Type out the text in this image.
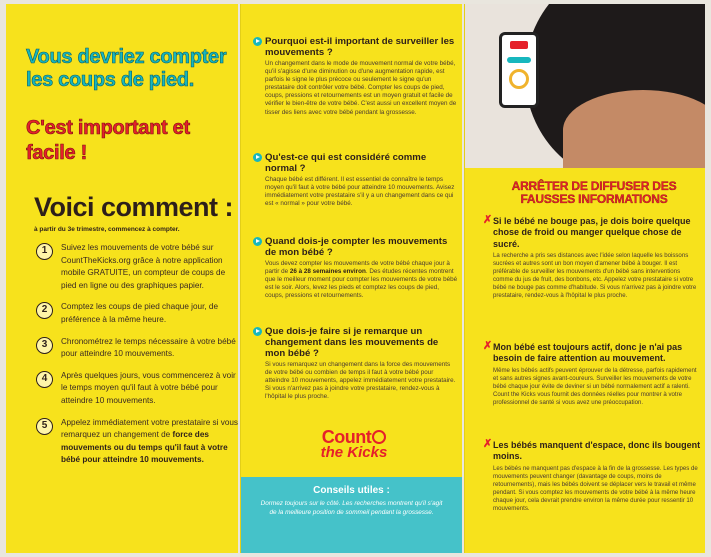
Vous devriez compter les coups de pied.
C'est important et facile !
Voici comment :
à partir du 3e trimestre, commencez à compter.
1	Suivez les mouvements de votre bébé sur CountTheKicks.org grâce à notre application mobile GRATUITE, un compteur de coups de pied en ligne ou des graphiques papier.
2	Comptez les coups de pied chaque jour, de préférence à la même heure.
3	Chronométrez le temps nécessaire à votre bébé pour atteindre 10 mouvements.
4	Après quelques jours, vous commencerez à voir le temps moyen qu'il faut à votre bébé pour atteindre 10 mouvements.
5	Appelez immédiatement votre prestataire si vous remarquez un changement de force des mouvements ou du temps qu'il faut à votre bébé pour atteindre 10 mouvements.
Pourquoi est-il important de surveiller les mouvements ?
Un changement dans le mode de mouvement normal de votre bébé, qu'il s'agisse d'une diminution ou d'une augmentation rapide, est parfois le signe le plus précoce ou seulement le signe qu'un prestataire doit contrôler votre bébé. Compter les coups de pied, coups, pressions et retournements est un moyen gratuit et facile de vérifier le bien-être de votre bébé. C'est aussi un excellent moyen de tisser des liens avec votre bébé pendant la grossesse.
Qu'est-ce qui est considéré comme normal ?
Chaque bébé est différent. Il est essentiel de connaître le temps moyen qu'il faut à votre bébé pour atteindre 10 mouvements. Avisez immédiatement votre prestataire s'il y a un changement dans ce qui est « normal » pour votre bébé.
Quand dois-je compter les mouvements de mon bébé ?
Vous devez compter les mouvements de votre bébé chaque jour à partir de 26 à 28 semaines environ. Des études récentes montrent que le meilleur moment pour compter les mouvements de votre bébé est le soir. Alors, levez les pieds et comptez les coups de pied, coups, pressions et retournements.
Que dois-je faire si je remarque un changement dans les mouvements de mon bébé ?
Si vous remarquez un changement dans la force des mouvements de votre bébé ou combien de temps il faut à votre bébé pour atteindre 10 mouvements, appelez immédiatement votre prestataire. Si vous n'arrivez pas à joindre votre prestataire, rendez-vous à l'hôpital le plus proche.
Count
the Kicks
Conseils utiles :
Dormez toujours sur le côté. Les recherches montrent qu'il s'agit de la meilleure position de sommeil pendant la grossesse.
ARRÊTER DE DIFFUSER DES FAUSSES INFORMATIONS
✗ Si le bébé ne bouge pas, je dois boire quelque chose de froid ou manger quelque chose de sucré.
La recherche a pris ses distances avec l'idée selon laquelle les boissons sucrées et autres sont un bon moyen d'amener bébé à bouger. Il est préférable de surveiller les mouvements d'un bébé sans interventions comme du jus de fruit, des bonbons, etc. Appelez votre prestataire si votre bébé ne bouge pas comme d'habitude. Si vous n'arrivez pas à joindre votre prestataire, rendez-vous à l'hôpital le plus proche.
✗ Mon bébé est toujours actif, donc je n'ai pas besoin de faire attention au mouvement.
Même les bébés actifs peuvent éprouver de la détresse, parfois rapidement et sans autres signes avant-coureurs. Surveiller les mouvements de votre bébé chaque jour évite de deviner si un bébé normalement actif a ralenti. Count the Kicks vous fournit des données réelles pour montrer à votre professionnel de santé si vous avez une préoccupation.
✗ Les bébés manquent d'espace, donc ils bougent moins.
Les bébés ne manquent pas d'espace à la fin de la grossesse. Les types de mouvements peuvent changer (davantage de coups, moins de retournements), mais les bébés doivent se déplacer vers le travail et même pendant. Si vous comptez les mouvements de votre bébé à la même heure chaque jour, cela devrait prendre environ la même durée pour ressentir 10 mouvements.
